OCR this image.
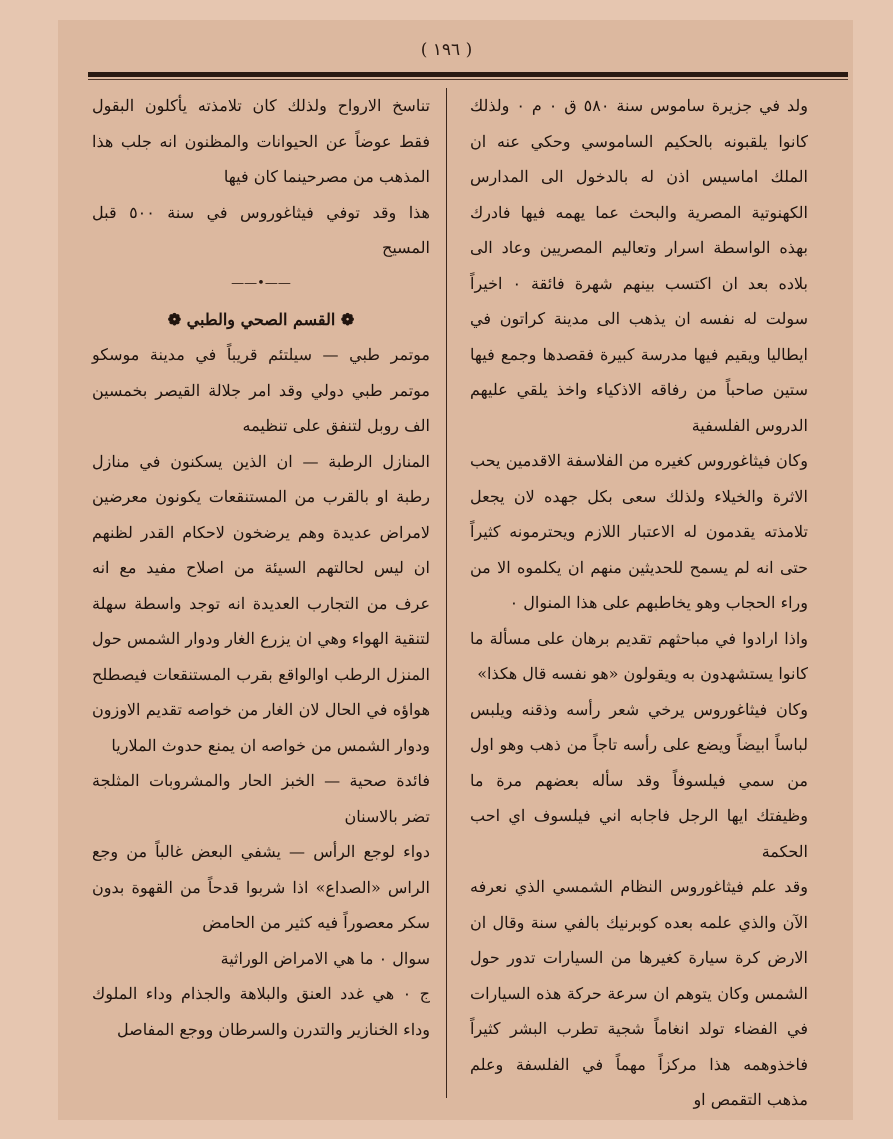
( ١٩٦ )

ولد في جزيرة ساموس سنة ٥٨٠ ق ٠ م ٠ ولذلك كانوا يلقبونه بالحكيم الساموسي وحكي عنه ان الملك اماسيس اذن له بالدخول الى المدارس الكهنوتية المصرية والبحث عما يهمه فيها فادرك بهذه الواسطة اسرار وتعاليم المصريين وعاد الى بلاده بعد ان اكتسب بينهم شهرة فائقة ٠ اخيراً سولت له نفسه ان يذهب الى مدينة كراتون في ايطاليا ويقيم فيها مدرسة كبيرة فقصدها وجمع فيها ستين صاحباً من رفاقه الاذكياء واخذ يلقي عليهم الدروس الفلسفية

وكان فيثاغوروس كغيره من الفلاسفة الاقدمين يحب الاثرة والخيلاء ولذلك سعى بكل جهده لان يجعل تلامذته يقدمون له الاعتبار اللازم ويحترمونه كثيراً حتى انه لم يسمح للحديثين منهم ان يكلموه الا من وراء الحجاب وهو يخاطبهم على هذا المنوال ٠

واذا ارادوا في مباحثهم تقديم برهان على مسألة ما كانوا يستشهدون به ويقولون «هو نفسه قال هكذا»

وكان فيثاغوروس يرخي شعر رأسه وذقنه ويلبس لباساً ابيضاً ويضع على رأسه تاجاً من ذهب وهو اول من سمي فيلسوفاً وقد سأله بعضهم مرة ما وظيفتك ايها الرجل فاجابه اني فيلسوف اي احب الحكمة

وقد علم فيثاغوروس النظام الشمسي الذي نعرفه الآن والذي علمه بعده كوبرنيك بالفي سنة وقال ان الارض كرة سيارة كغيرها من السيارات تدور حول الشمس وكان يتوهم ان سرعة حركة هذه السيارات في الفضاء تولد انغاماً شجية تطرب البشر كثيراً فاخذوهمه هذا مركزاً مهماً في الفلسفة وعلم مذهب التقمص او

تناسخ الارواح ولذلك كان تلامذته يأكلون البقول فقط عوضاً عن الحيوانات والمظنون انه جلب هذا المذهب من مصرحينما كان فيها

هذا وقد توفي فيثاغوروس في سنة ٥٠٠ قبل المسيح

——•——

❁ القسم الصحي والطبي ❁

موتمر طبي — سيلتئم قريباً في مدينة موسكو موتمر طبي دولي وقد امر جلالة القيصر بخمسين الف روبل لتنفق على تنظيمه

المنازل الرطبة — ان الذين يسكنون في منازل رطبة او بالقرب من المستنقعات يكونون معرضين لامراض عديدة وهم يرضخون لاحكام القدر لظنهم ان ليس لحالتهم السيئة من اصلاح مفيد مع انه عرف من التجارب العديدة انه توجد واسطة سهلة لتنقية الهواء وهي ان يزرع الغار ودوار الشمس حول المنزل الرطب اوالواقع بقرب المستنقعات فيصطلح هواؤه في الحال لان الغار من خواصه تقديم الاوزون ودوار الشمس من خواصه ان يمنع حدوث الملاريا

فائدة صحية — الخبز الحار والمشروبات المثلجة تضر بالاسنان

دواء لوجع الرأس — يشفي البعض غالباً من وجع الراس «الصداع» اذا شربوا قدحاً من القهوة بدون سكر معصوراً فيه كثير من الحامض

سوال ٠ ما هي الامراض الوراثية

ج ٠ هي غدد العنق والبلاهة والجذام وداء الملوك وداء الخنازير والتدرن والسرطان ووجع المفاصل
